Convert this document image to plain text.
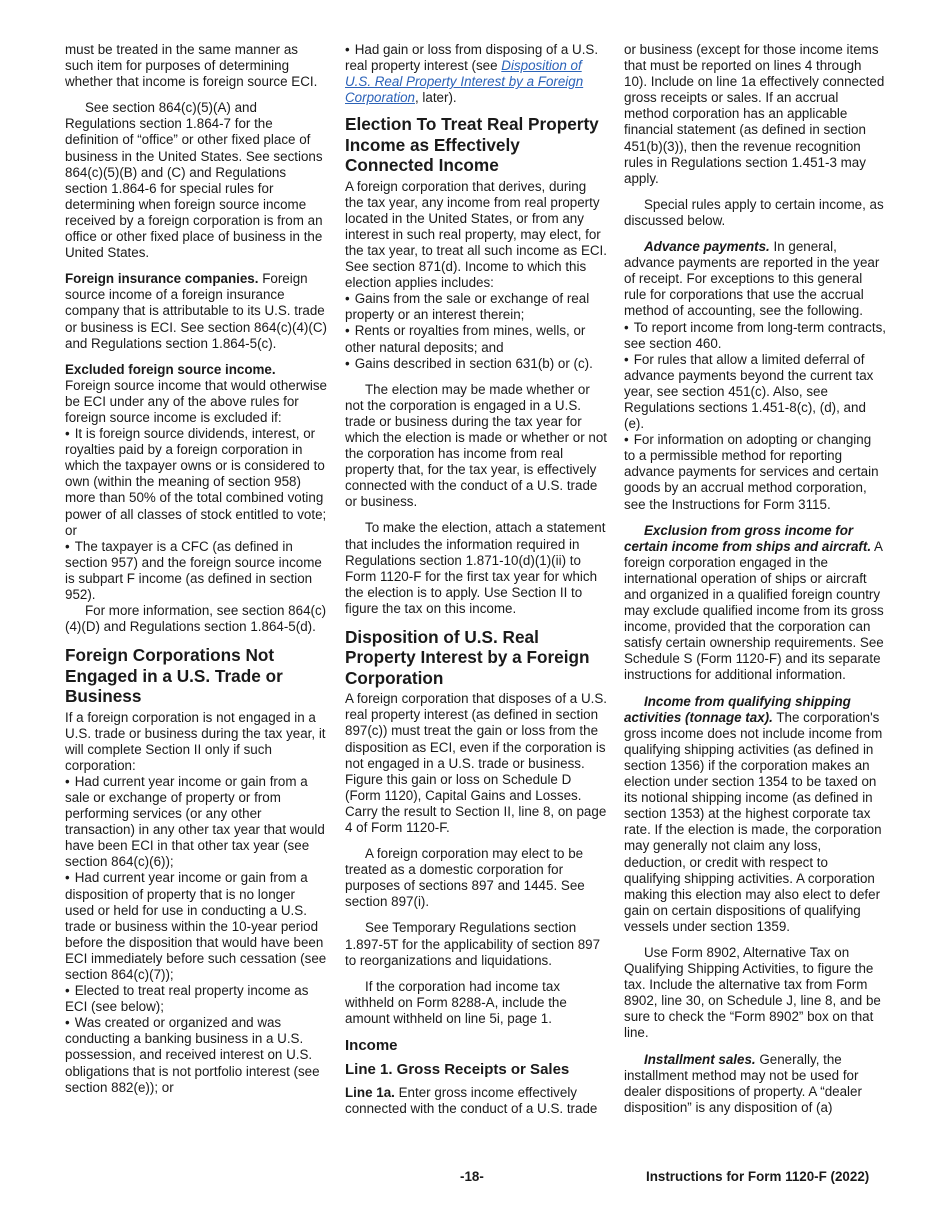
must be treated in the same manner as such item for purposes of determining whether that income is foreign source ECI.

See section 864(c)(5)(A) and Regulations section 1.864-7 for the definition of “office” or other fixed place of business in the United States. See sections 864(c)(5)(B) and (C) and Regulations section 1.864-6 for special rules for determining when foreign source income received by a foreign corporation is from an office or other fixed place of business in the United States.

Foreign insurance companies. Foreign source income of a foreign insurance company that is attributable to its U.S. trade or business is ECI. See section 864(c)(4)(C) and Regulations section 1.864-5(c).

Excluded foreign source income.
Foreign source income that would otherwise be ECI under any of the above rules for foreign source income is excluded if:

• It is foreign source dividends, interest, or royalties paid by a foreign corporation in which the taxpayer owns or is considered to own (within the meaning of section 958) more than 50% of the total combined voting power of all classes of stock entitled to vote; or
• The taxpayer is a CFC (as defined in section 957) and the foreign source income is subpart F income (as defined in section 952).

For more information, see section 864(c)(4)(D) and Regulations section 1.864-5(d).

Foreign Corporations Not Engaged in a U.S. Trade or Business

If a foreign corporation is not engaged in a U.S. trade or business during the tax year, it will complete Section II only if such corporation:

• Had current year income or gain from a sale or exchange of property or from performing services (or any other transaction) in any other tax year that would have been ECI in that other tax year (see section 864(c)(6));
• Had current year income or gain from a disposition of property that is no longer used or held for use in conducting a U.S. trade or business within the 10-year period before the disposition that would have been ECI immediately before such cessation (see section 864(c)(7));
• Elected to treat real property income as ECI (see below);
• Was created or organized and was conducting a banking business in a U.S. possession, and received interest on U.S. obligations that is not portfolio interest (see section 882(e)); or
• Had gain or loss from disposing of a U.S. real property interest (see Disposition of U.S. Real Property Interest by a Foreign Corporation, later).
Election To Treat Real Property Income as Effectively Connected Income

A foreign corporation that derives, during the tax year, any income from real property located in the United States, or from any interest in such real property, may elect, for the tax year, to treat all such income as ECI. See section 871(d). Income to which this election applies includes:

• Gains from the sale or exchange of real property or an interest therein;
• Rents or royalties from mines, wells, or other natural deposits; and
• Gains described in section 631(b) or (c).

The election may be made whether or not the corporation is engaged in a U.S. trade or business during the tax year for which the election is made or whether or not the corporation has income from real property that, for the tax year, is effectively connected with the conduct of a U.S. trade or business.

To make the election, attach a statement that includes the information required in Regulations section 1.871-10(d)(1)(ii) to Form 1120-F for the first tax year for which the election is to apply. Use Section II to figure the tax on this income.

Disposition of U.S. Real Property Interest by a Foreign Corporation

A foreign corporation that disposes of a U.S. real property interest (as defined in section 897(c)) must treat the gain or loss from the disposition as ECI, even if the corporation is not engaged in a U.S. trade or business. Figure this gain or loss on Schedule D (Form 1120), Capital Gains and Losses. Carry the result to Section II, line 8, on page 4 of Form 1120-F.

A foreign corporation may elect to be treated as a domestic corporation for purposes of sections 897 and 1445. See section 897(i).

See Temporary Regulations section 1.897-5T for the applicability of section 897 to reorganizations and liquidations.

If the corporation had income tax withheld on Form 8288-A, include the amount withheld on line 5i, page 1.

Income
Line 1. Gross Receipts or Sales

Line 1a. Enter gross income effectively connected with the conduct of a U.S. trade

or business (except for those income items that must be reported on lines 4 through 10). Include on line 1a effectively connected gross receipts or sales. If an accrual method corporation has an applicable financial statement (as defined in section 451(b)(3)), then the revenue recognition rules in Regulations section 1.451-3 may apply.

Special rules apply to certain income, as discussed below.

Advance payments. In general, advance payments are reported in the year of receipt. For exceptions to this general rule for corporations that use the accrual method of accounting, see the following.

• To report income from long-term contracts, see section 460.
• For rules that allow a limited deferral of advance payments beyond the current tax year, see section 451(c). Also, see Regulations sections 1.451-8(c), (d), and (e).
• For information on adopting or changing to a permissible method for reporting advance payments for services and certain goods by an accrual method corporation, see the Instructions for Form 3115.

Exclusion from gross income for certain income from ships and aircraft. A foreign corporation engaged in the international operation of ships or aircraft and organized in a qualified foreign country may exclude qualified income from its gross income, provided that the corporation can satisfy certain ownership requirements. See Schedule S (Form 1120-F) and its separate instructions for additional information.

Income from qualifying shipping activities (tonnage tax). The corporation's gross income does not include income from qualifying shipping activities (as defined in section 1356) if the corporation makes an election under section 1354 to be taxed on its notional shipping income (as defined in section 1353) at the highest corporate tax rate. If the election is made, the corporation may generally not claim any loss, deduction, or credit with respect to qualifying shipping activities. A corporation making this election may also elect to defer gain on certain dispositions of qualifying vessels under section 1359.

Use Form 8902, Alternative Tax on Qualifying Shipping Activities, to figure the tax. Include the alternative tax from Form 8902, line 30, on Schedule J, line 8, and be sure to check the “Form 8902” box on that line.

Installment sales. Generally, the installment method may not be used for dealer dispositions of property. A “dealer disposition” is any disposition of (a)

-18-	Instructions for Form 1120-F (2022)
